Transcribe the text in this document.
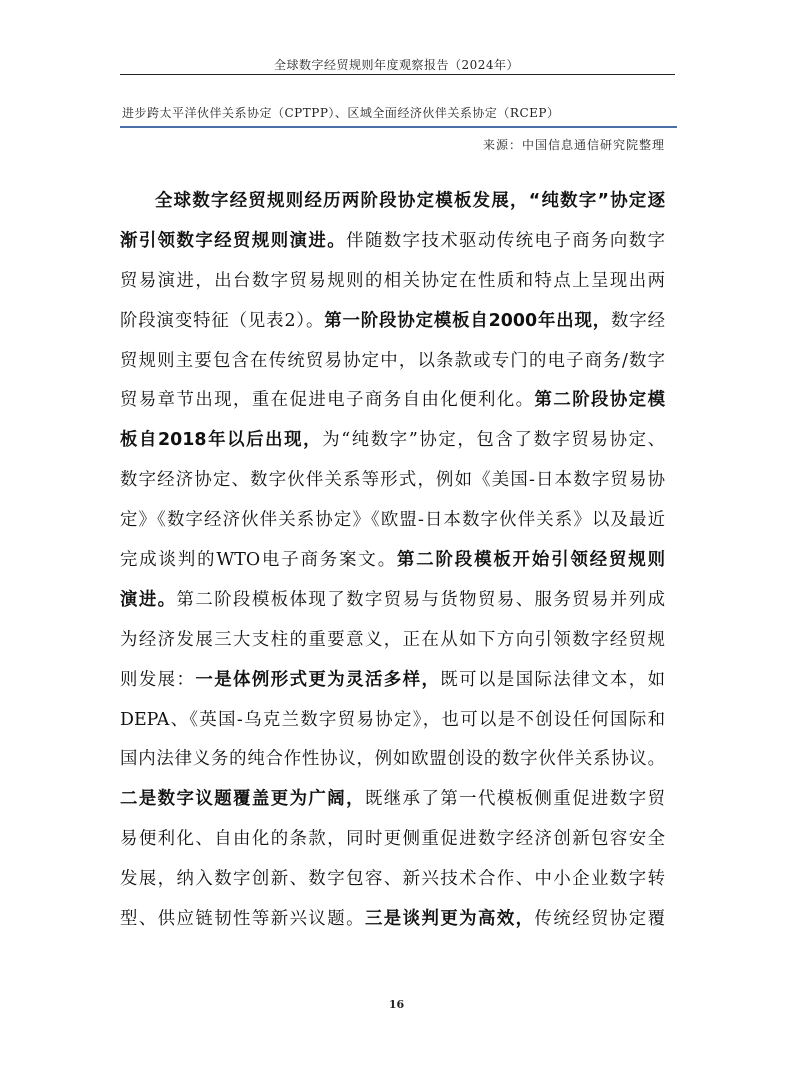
全球数字经贸规则年度观察报告（2024年）
进步跨太平洋伙伴关系协定（CPTPP）、区域全面经济伙伴关系协定（RCEP）
来源：中国信息通信研究院整理
全球数字经贸规则经历两阶段协定模板发展，“纯数字”协定逐
渐引领数字经贸规则演进。伴随数字技术驱动传统电子商务向数字
贸易演进，出台数字贸易规则的相关协定在性质和特点上呈现出两
阶段演变特征（见表2）。第一阶段协定模板自2000年出现，数字经
贸规则主要包含在传统贸易协定中，以条款或专门的电子商务/数字
贸易章节出现，重在促进电子商务自由化便利化。第二阶段协定模
板自2018年以后出现，为“纯数字”协定，包含了数字贸易协定、
数字经济协定、数字伙伴关系等形式，例如《美国-日本数字贸易协
定》《数字经济伙伴关系协定》《欧盟-日本数字伙伴关系》以及最近
完成谈判的WTO电子商务案文。第二阶段模板开始引领经贸规则
演进。第二阶段模板体现了数字贸易与货物贸易、服务贸易并列成
为经济发展三大支柱的重要意义，正在从如下方向引领数字经贸规
则发展：一是体例形式更为灵活多样，既可以是国际法律文本，如
DEPA、《英国-乌克兰数字贸易协定》，也可以是不创设任何国际和
国内法律义务的纯合作性协议，例如欧盟创设的数字伙伴关系协议。
二是数字议题覆盖更为广阔，既继承了第一代模板侧重促进数字贸
易便利化、自由化的条款，同时更侧重促进数字经济创新包容安全
发展，纳入数字创新、数字包容、新兴技术合作、中小企业数字转
型、供应链韧性等新兴议题。三是谈判更为高效，传统经贸协定覆
16
